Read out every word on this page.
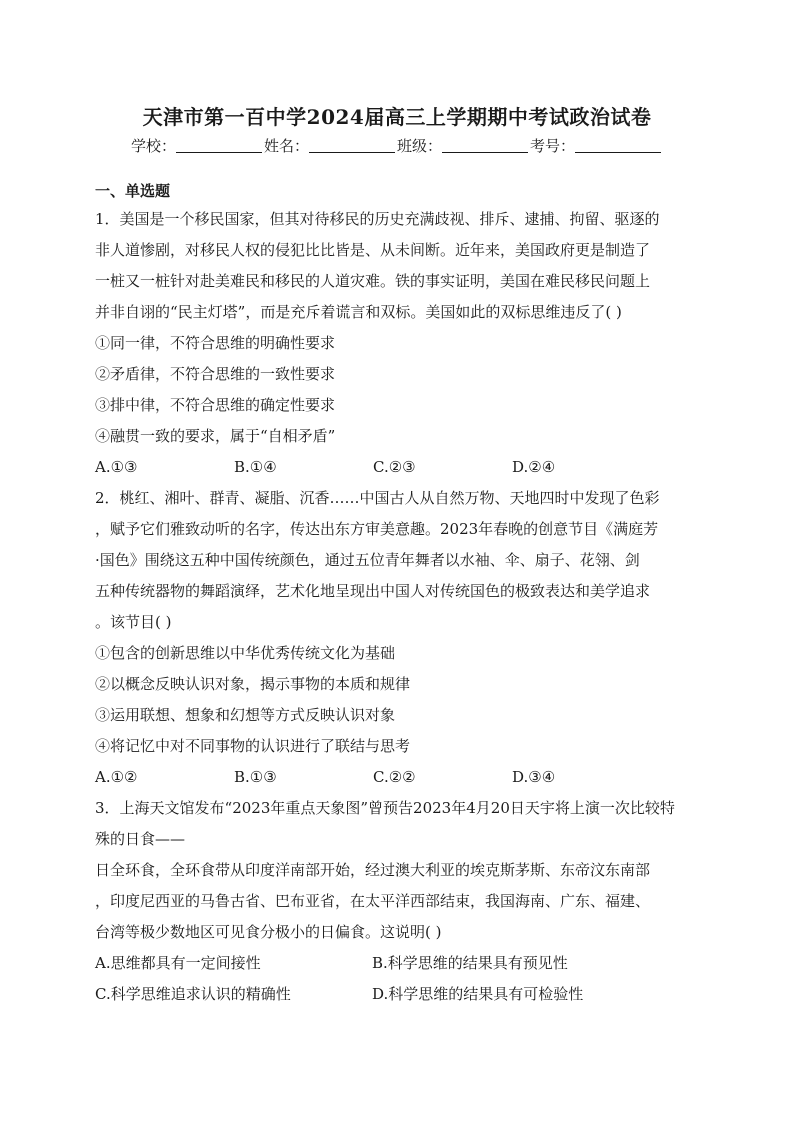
天津市第一百中学2024届高三上学期期中考试政治试卷
学校：	姓名：	班级：	考号：
一、单选题
1．美国是一个移民国家，但其对待移民的历史充满歧视、排斥、逮捕、拘留、驱逐的
非人道惨剧，对移民人权的侵犯比比皆是、从未间断。近年来，美国政府更是制造了
一桩又一桩针对赴美难民和移民的人道灾难。铁的事实证明，美国在难民移民问题上
并非自诩的“民主灯塔”，而是充斥着谎言和双标。美国如此的双标思维违反了( )
①同一律，不符合思维的明确性要求
②矛盾律，不符合思维的一致性要求
③排中律，不符合思维的确定性要求
④融贯一致的要求，属于“自相矛盾”
A.①③	B.①④	C.②③	D.②④
2．桃红、湘叶、群青、凝脂、沉香……中国古人从自然万物、天地四时中发现了色彩
，赋予它们雅致动听的名字，传达出东方审美意趣。2023年春晚的创意节目《满庭芳
·国色》围绕这五种中国传统颜色，通过五位青年舞者以水袖、伞、扇子、花翎、剑
五种传统器物的舞蹈演绎，艺术化地呈现出中国人对传统国色的极致表达和美学追求
。该节目( )
①包含的创新思维以中华优秀传统文化为基础
②以概念反映认识对象，揭示事物的本质和规律
③运用联想、想象和幻想等方式反映认识对象
④将记忆中对不同事物的认识进行了联结与思考
A.①②	B.①③	C.②②	D.③④
3．上海天文馆发布“2023年重点天象图”曾预告2023年4月20日天宇将上演一次比较特
殊的日食——
日全环食，全环食带从印度洋南部开始，经过澳大利亚的埃克斯茅斯、东帝汶东南部
，印度尼西亚的马鲁古省、巴布亚省，在太平洋西部结束，我国海南、广东、福建、
台湾等极少数地区可见食分极小的日偏食。这说明( )
A.思维都具有一定间接性	B.科学思维的结果具有预见性
C.科学思维追求认识的精确性	D.科学思维的结果具有可检验性
